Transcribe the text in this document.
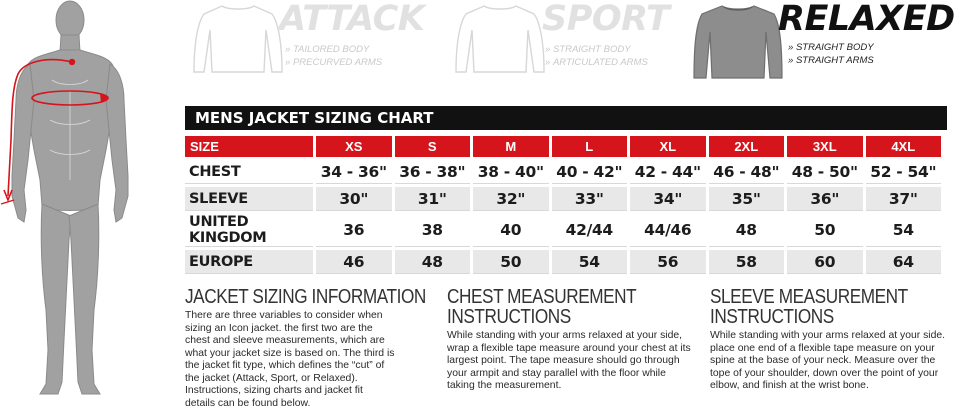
ATTACK
» TAILORED BODY
» PRECURVED ARMS
SPORT
» STRAIGHT BODY
» ARTICULATED ARMS
RELAXED
» STRAIGHT BODY
» STRAIGHT ARMS
MENS JACKET SIZING CHART
SIZE	XS	S	M	L	XL	2XL	3XL	4XL
CHEST	34 - 36"	36 - 38"	38 - 40"	40 - 42"	42 - 44"	46 - 48"	48 - 50"	52 - 54"
SLEEVE	30"	31"	32"	33"	34"	35"	36"	37"
UNITED KINGDOM	36	38	40	42/44	44/46	48	50	54
EUROPE	46	48	50	54	56	58	60	64
JACKET SIZING INFORMATION

There are three variables to consider when sizing an Icon jacket. the first two are the chest and sleeve measurements, which are what your jacket size is based on. The third is the jacket fit type, which defines the “cut” of the jacket (Attack, Sport, or Relaxed). Instructions, sizing charts and jacket fit details can be found below.

CHEST MEASUREMENT
INSTRUCTIONS

While standing with your arms relaxed at your side, wrap a flexible tape measure around your chest at its largest point. The tape measure should go through your armpit and stay parallel with the floor while taking the measurement.

SLEEVE MEASUREMENT
INSTRUCTIONS

While standing with your arms relaxed at your side. place one end of a flexible tape measure on your spine at the base of your neck. Measure over the tope of your shoulder, down over the point of your elbow, and finish at the wrist bone.
